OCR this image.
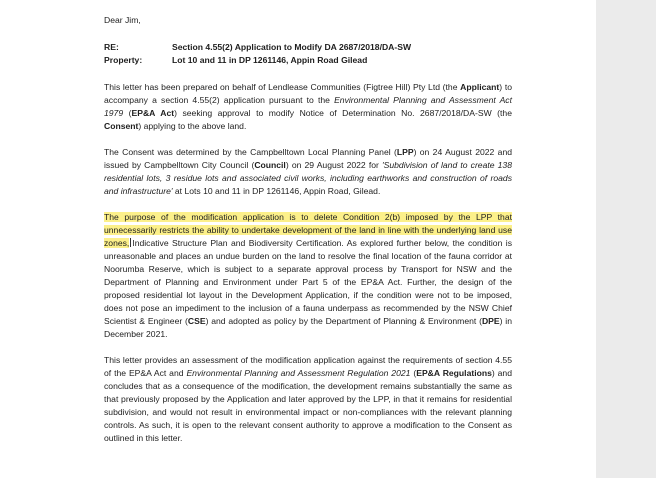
Dear Jim,
RE:	Section 4.55(2) Application to Modify DA 2687/2018/DA-SW
Property:	Lot 10 and 11 in DP 1261146, Appin Road Gilead

This letter has been prepared on behalf of Lendlease Communities (Figtree Hill) Pty Ltd (the Applicant) to accompany a section 4.55(2) application pursuant to the Environmental Planning and Assessment Act 1979 (EP&A Act) seeking approval to modify Notice of Determination No. 2687/2018/DA-SW (the Consent) applying to the above land.

The Consent was determined by the Campbelltown Local Planning Panel (LPP) on 24 August 2022 and issued by Campbelltown City Council (Council) on 29 August 2022 for 'Subdivision of land to create 138 residential lots, 3 residue lots and associated civil works, including earthworks and construction of roads and infrastructure' at Lots 10 and 11 in DP 1261146, Appin Road, Gilead.

The purpose of the modification application is to delete Condition 2(b) imposed by the LPP that unnecessarily restricts the ability to undertake development of the land in line with the underlying land use zones, Indicative Structure Plan and Biodiversity Certification. As explored further below, the condition is unreasonable and places an undue burden on the land to resolve the final location of the fauna corridor at Noorumba Reserve, which is subject to a separate approval process by Transport for NSW and the Department of Planning and Environment under Part 5 of the EP&A Act. Further, the design of the proposed residential lot layout in the Development Application, if the condition were not to be imposed, does not pose an impediment to the inclusion of a fauna underpass as recommended by the NSW Chief Scientist & Engineer (CSE) and adopted as policy by the Department of Planning & Environment (DPE) in December 2021.

This letter provides an assessment of the modification application against the requirements of section 4.55 of the EP&A Act and Environmental Planning and Assessment Regulation 2021 (EP&A Regulations) and concludes that as a consequence of the modification, the development remains substantially the same as that previously proposed by the Application and later approved by the LPP, in that it remains for residential subdivision, and would not result in environmental impact or non-compliances with the relevant planning controls. As such, it is open to the relevant consent authority to approve a modification to the Consent as outlined in this letter.
